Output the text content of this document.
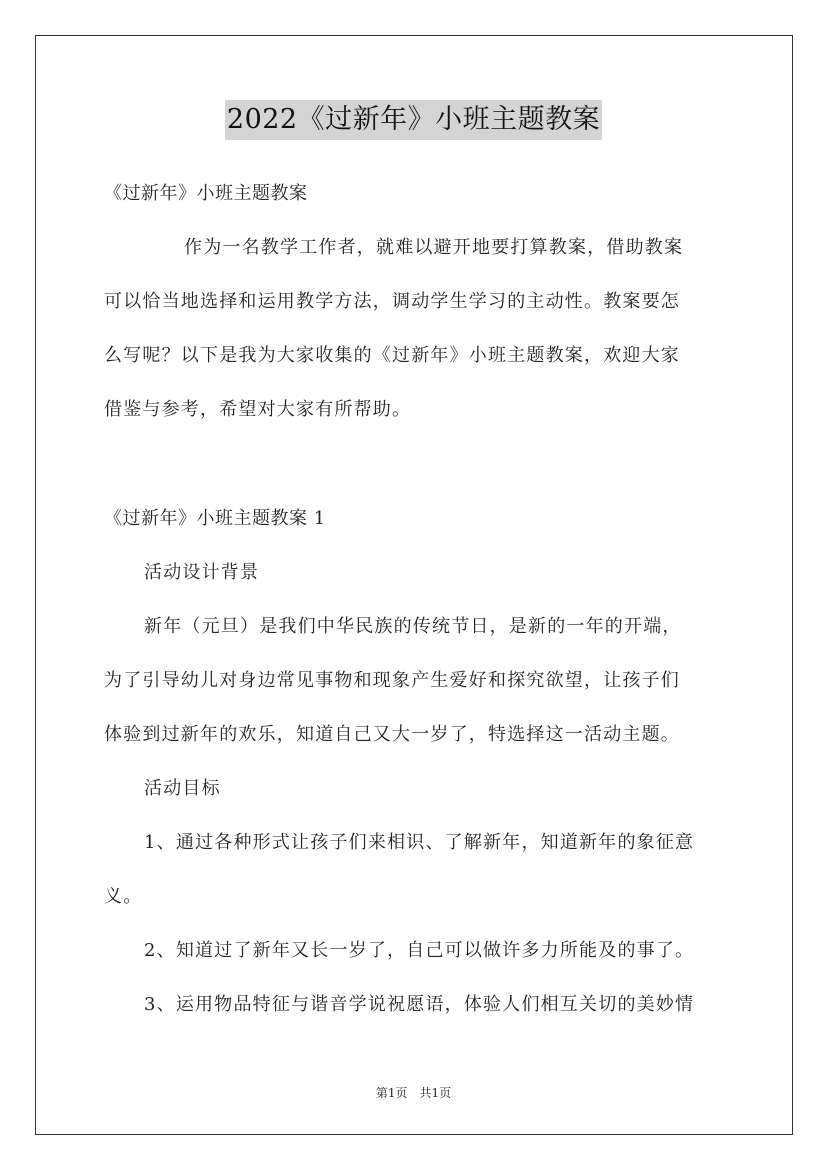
2022《过新年》小班主题教案
《过新年》小班主题教案
作为一名教学工作者，就难以避开地要打算教案，借助教案
可以恰当地选择和运用教学方法，调动学生学习的主动性。教案要怎
么写呢？以下是我为大家收集的《过新年》小班主题教案，欢迎大家
借鉴与参考，希望对大家有所帮助。
《过新年》小班主题教案 1
活动设计背景
新年（元旦）是我们中华民族的传统节日，是新的一年的开端，
为了引导幼儿对身边常见事物和现象产生爱好和探究欲望，让孩子们
体验到过新年的欢乐，知道自己又大一岁了，特选择这一活动主题。
活动目标
1、通过各种形式让孩子们来相识、了解新年，知道新年的象征意
义。
2、知道过了新年又长一岁了，自己可以做许多力所能及的事了。
3、运用物品特征与谐音学说祝愿语，体验人们相互关切的美妙情
第1页　共1页
